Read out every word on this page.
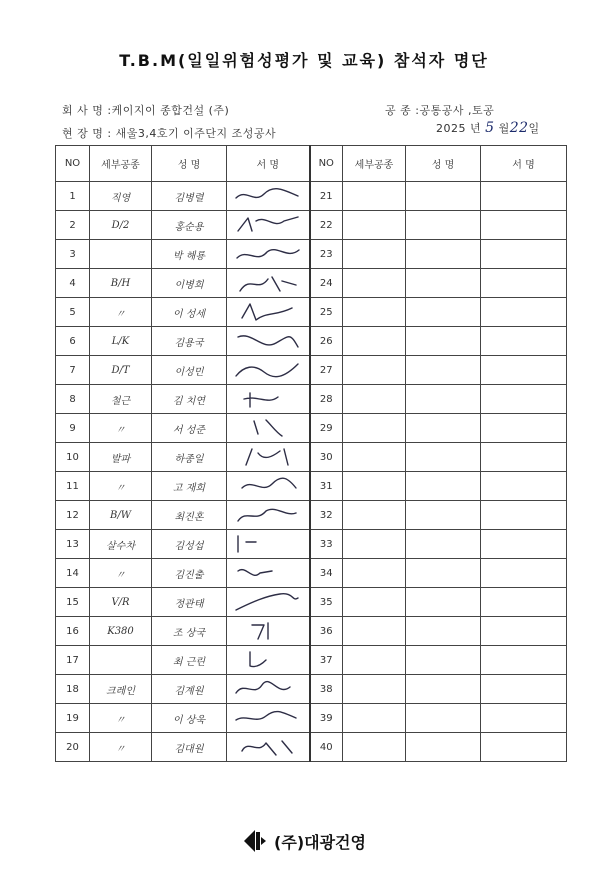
T.B.M(일일위험성평가 및 교육) 참석자 명단
회 사 명 :케이지이 종합건설 (주)	공 종 :공통공사 ,토공
현 장 명 : 새울3,4호기 이주단지 조성공사	2025 년 5 월22일
NO	세부공종	성 명	서 명	NO	세부공종	성 명	서 명
1	직영	김병렬		21			
2	D/2	홍순용		22			
3		박 해룡		23			
4	B/H	이병희		24			
5	〃	이 성세		25			
6	L/K	김용국		26			
7	D/T	이성민		27			
8	철근	김 치연		28			
9	〃	서 성준		29			
10	발파	하종일		30			
11	〃	고 재희		31			
12	B/W	최진혼		32			
13	살수차	김성섭		33			
14	〃	김진출		34			
15	V/R	정관태		35			
16	K380	조 상국		36			
17		최 근린		37			
18	크레인	김계원		38			
19	〃	이 상욱		39			
20	〃	김대원		40			
(주)대광건영
